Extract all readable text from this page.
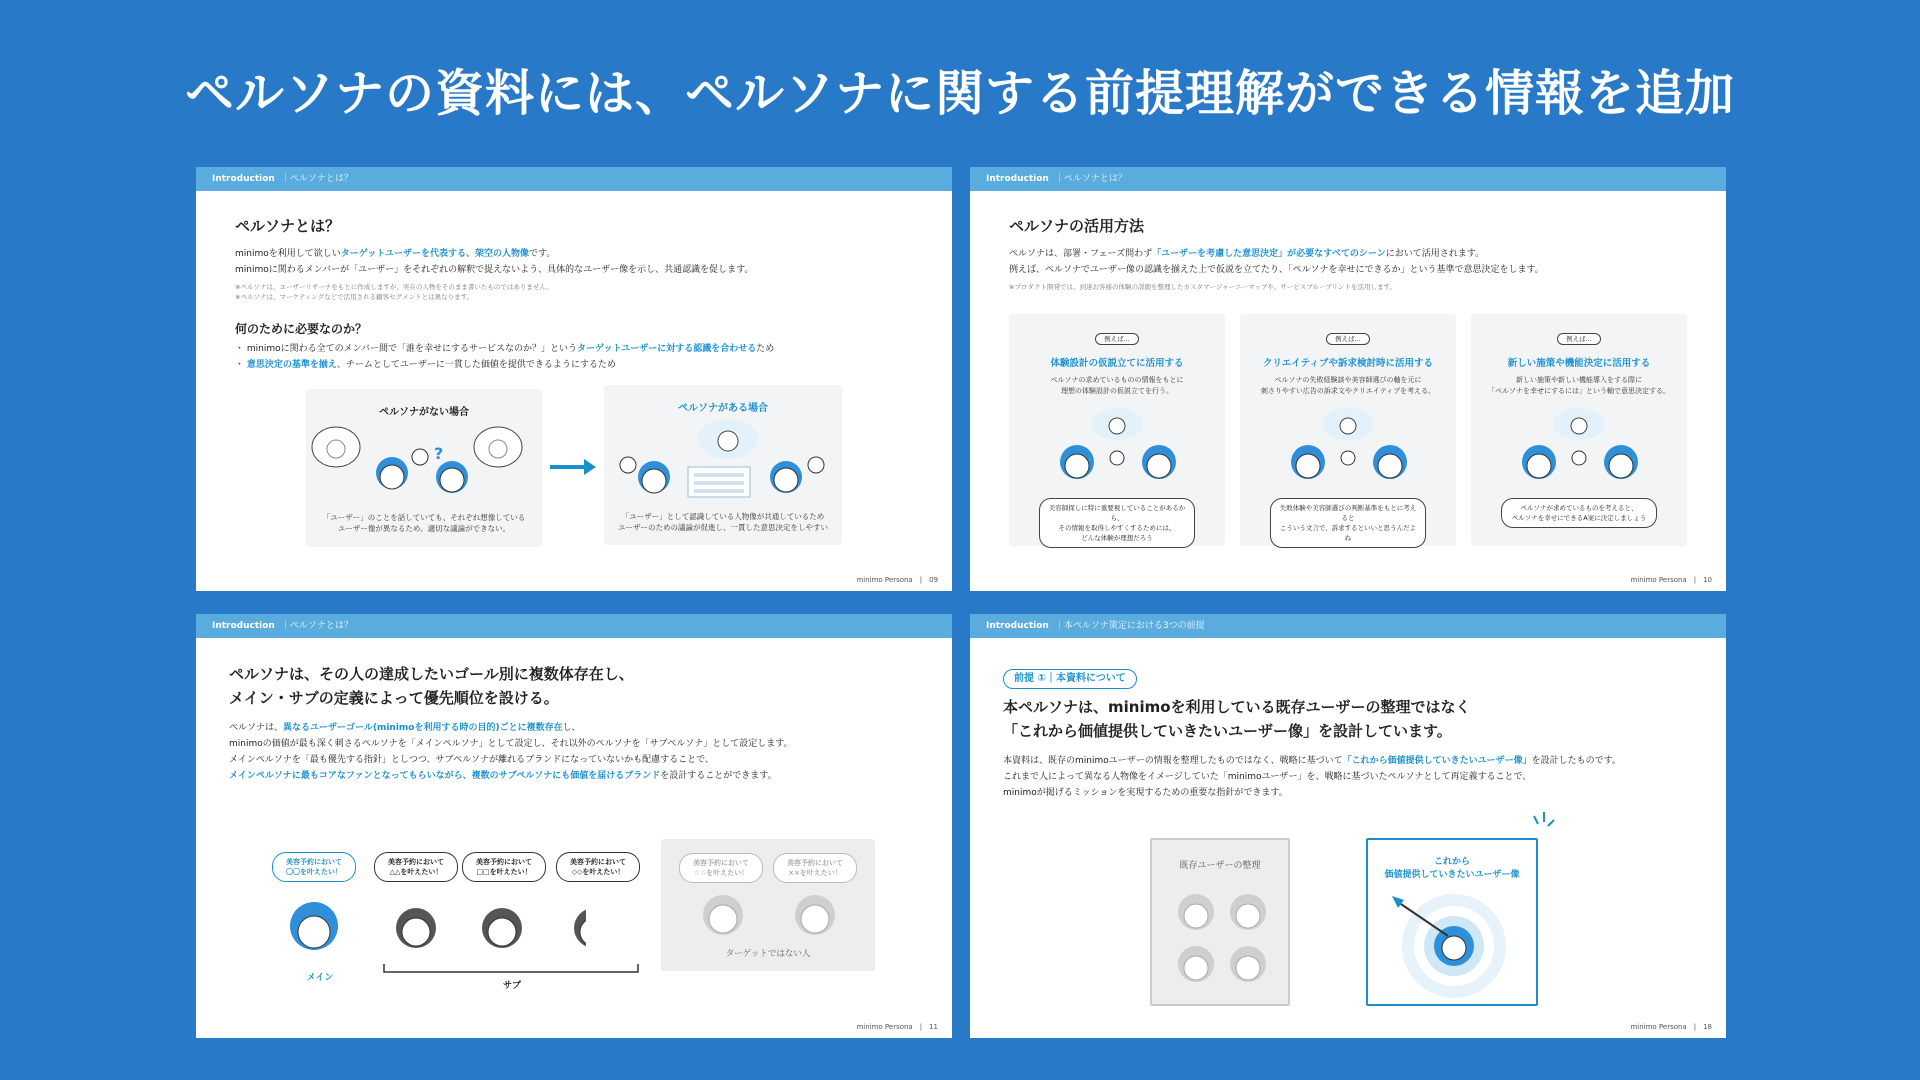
ペルソナの資料には、ペルソナに関する前提理解ができる情報を追加
Introduction ｜ペルソナとは？
ペルソナとは？
minimoを利用して欲しいターゲットユーザーを代表する、架空の人物像です。
minimoに関わるメンバーが「ユーザー」をそれぞれの解釈で捉えないよう、具体的なユーザー像を示し、共通認識を促します。
※ペルソナは、ユーザーリサーチをもとに作成しますが、実在の人物をそのまま書いたものではありません。
※ペルソナは、マーケティングなどで活用される顧客セグメントとは異なります。
何のために必要なのか？
・ minimoに関わる全てのメンバー間で「誰を幸せにするサービスなのか？」というターゲットユーザーに対する認識を合わせるため
・ 意思決定の基準を揃え、チームとしてユーザーに一貫した価値を提供できるようにするため
ペルソナがない場合
?
「ユーザー」のことを話していても、それぞれ想像している
ユーザー像が異なるため、適切な議論ができない。
ペルソナがある場合
「ユーザー」として認識している人物像が共通しているため
ユーザーのための議論が促進し、一貫した意思決定をしやすい
minimo Persona　|　09
Introduction ｜ペルソナとは？
ペルソナの活用方法
ペルソナは、部署・フェーズ問わず「ユーザーを考慮した意思決定」が必要なすべてのシーンにおいて活用されます。
例えば、ペルソナでユーザー像の認識を揃えた上で仮説を立てたり、「ペルソナを幸せにできるか」という基準で意思決定をします。
※プロダクト開発では、到達お客様の体験の詳細を整理したカスタマージャーニーマップや、サービスブループリントを活用します。
例えば...
体験設計の仮説立てに活用する
ペルソナの求めているものの情報をもとに
理想の体験設計の仮説立てを行う。
美容師探しに特に重要視していることがあるから、
その情報を取得しやすくするためには、
どんな体験が理想だろう
例えば...
クリエイティブや訴求検討時に活用する
ペルソナの失敗経験談や美容師選びの軸を元に
刺さりやすい広告の訴求文やクリエイティブを考える。
失敗体験や美容師選びの判断基準をもとに考えると
こういう文言で、訴求するといいと思うんだよね
例えば...
新しい施策や機能決定に活用する
新しい施策や新しい機能導入をする際に
「ペルソナを幸せにするには」という軸で意思決定する。
ペルソナが求めているものを考えると、
ペルソナを幸せにできるA案に決定しましょう
minimo Persona　|　10
Introduction ｜ペルソナとは？
ペルソナは、その人の達成したいゴール別に複数体存在し、
メイン・サブの定義によって優先順位を設ける。
ペルソナは、異なるユーザーゴール(minimoを利用する時の目的)ごとに複数存在し、
minimoの価値が最も深く刺さるペルソナを「メインペルソナ」として設定し、それ以外のペルソナを「サブペルソナ」として設定します。
メインペルソナを「最も優先する指針」としつつ、サブペルソナが離れるブランドになっていないかも配慮することで、
メインペルソナに最もコアなファンとなってもらいながら、複数のサブペルソナにも価値を届けるブランドを設計することができます。
美容予約において
〇〇を叶えたい！
美容予約において
△△を叶えたい！
美容予約において
□□を叶えたい！
美容予約において
◇◇を叶えたい！
メイン
サブ
美容予約において
☆☆を叶えたい！
美容予約において
××を叶えたい！
ターゲットではない人
minimo Persona　|　11
Introduction ｜本ペルソナ策定における3つの前提
前提 ①｜本資料について
本ペルソナは、minimoを利用している既存ユーザーの整理ではなく
「これから価値提供していきたいユーザー像」を設計しています。
本資料は、既存のminimoユーザーの情報を整理したものではなく、戦略に基づいて「これから価値提供していきたいユーザー像」を設計したものです。
これまで人によって異なる人物像をイメージしていた「minimoユーザー」を、戦略に基づいたペルソナとして再定義することで、
minimoが掲げるミッションを実現するための重要な指針ができます。
既存ユーザーの整理	これから
価値提供していきたいユーザー像
minimo Persona　|　18
